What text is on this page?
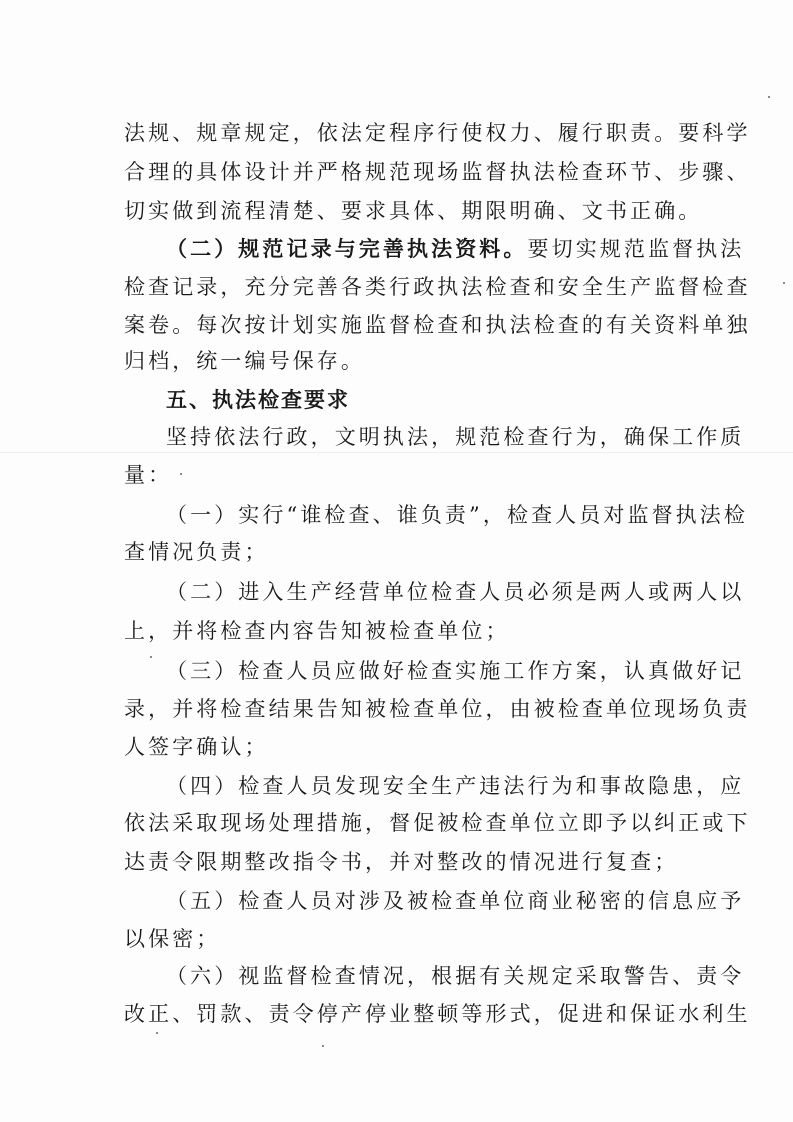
法规、规章规定，依法定程序行使权力、履行职责。要科学
合理的具体设计并严格规范现场监督执法检查环节、步骤、
切实做到流程清楚、要求具体、期限明确、文书正确。
（二）规范记录与完善执法资料。要切实规范监督执法
检查记录，充分完善各类行政执法检查和安全生产监督检查
案卷。每次按计划实施监督检查和执法检查的有关资料单独
归档，统一编号保存。
五、执法检查要求
坚持依法行政，文明执法，规范检查行为，确保工作质
量：
（一）实行“谁检查、谁负责”，检查人员对监督执法检
查情况负责；
（二）进入生产经营单位检查人员必须是两人或两人以
上，并将检查内容告知被检查单位；
（三）检查人员应做好检查实施工作方案，认真做好记
录，并将检查结果告知被检查单位，由被检查单位现场负责
人签字确认；
（四）检查人员发现安全生产违法行为和事故隐患，应
依法采取现场处理措施，督促被检查单位立即予以纠正或下
达责令限期整改指令书，并对整改的情况进行复查；
（五）检查人员对涉及被检查单位商业秘密的信息应予
以保密；
（六）视监督检查情况，根据有关规定采取警告、责令
改正、罚款、责令停产停业整顿等形式，促进和保证水利生
